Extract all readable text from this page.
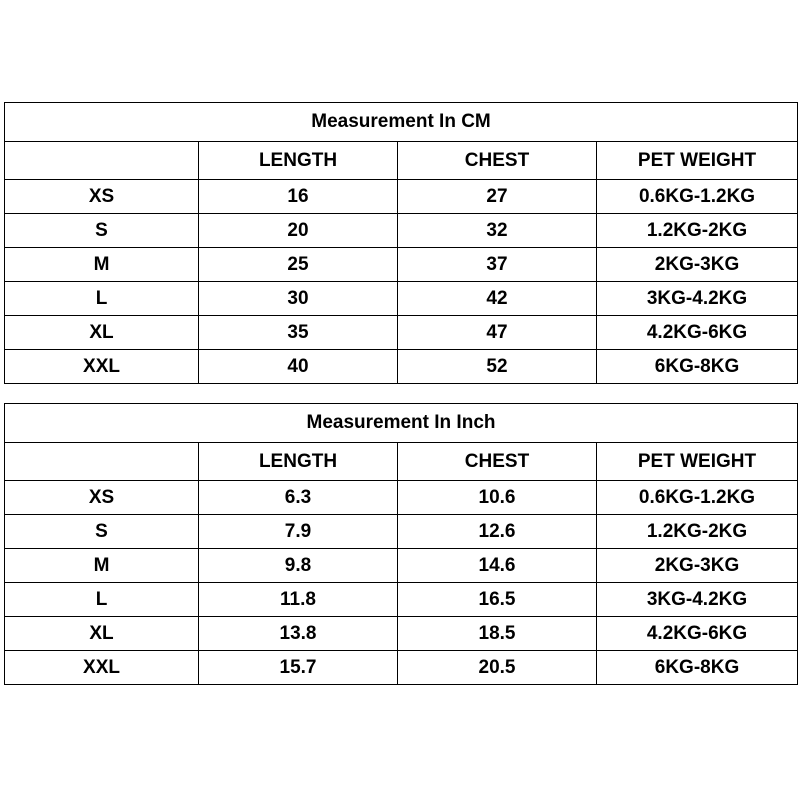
Measurement In CM			
	LENGTH	CHEST	PET WEIGHT
XS	16	27	0.6KG-1.2KG
S	20	32	1.2KG-2KG
M	25	37	2KG-3KG
L	30	42	3KG-4.2KG
XL	35	47	4.2KG-6KG
XXL	40	52	6KG-8KG
Measurement In Inch			
	LENGTH	CHEST	PET WEIGHT
XS	6.3	10.6	0.6KG-1.2KG
S	7.9	12.6	1.2KG-2KG
M	9.8	14.6	2KG-3KG
L	11.8	16.5	3KG-4.2KG
XL	13.8	18.5	4.2KG-6KG
XXL	15.7	20.5	6KG-8KG
